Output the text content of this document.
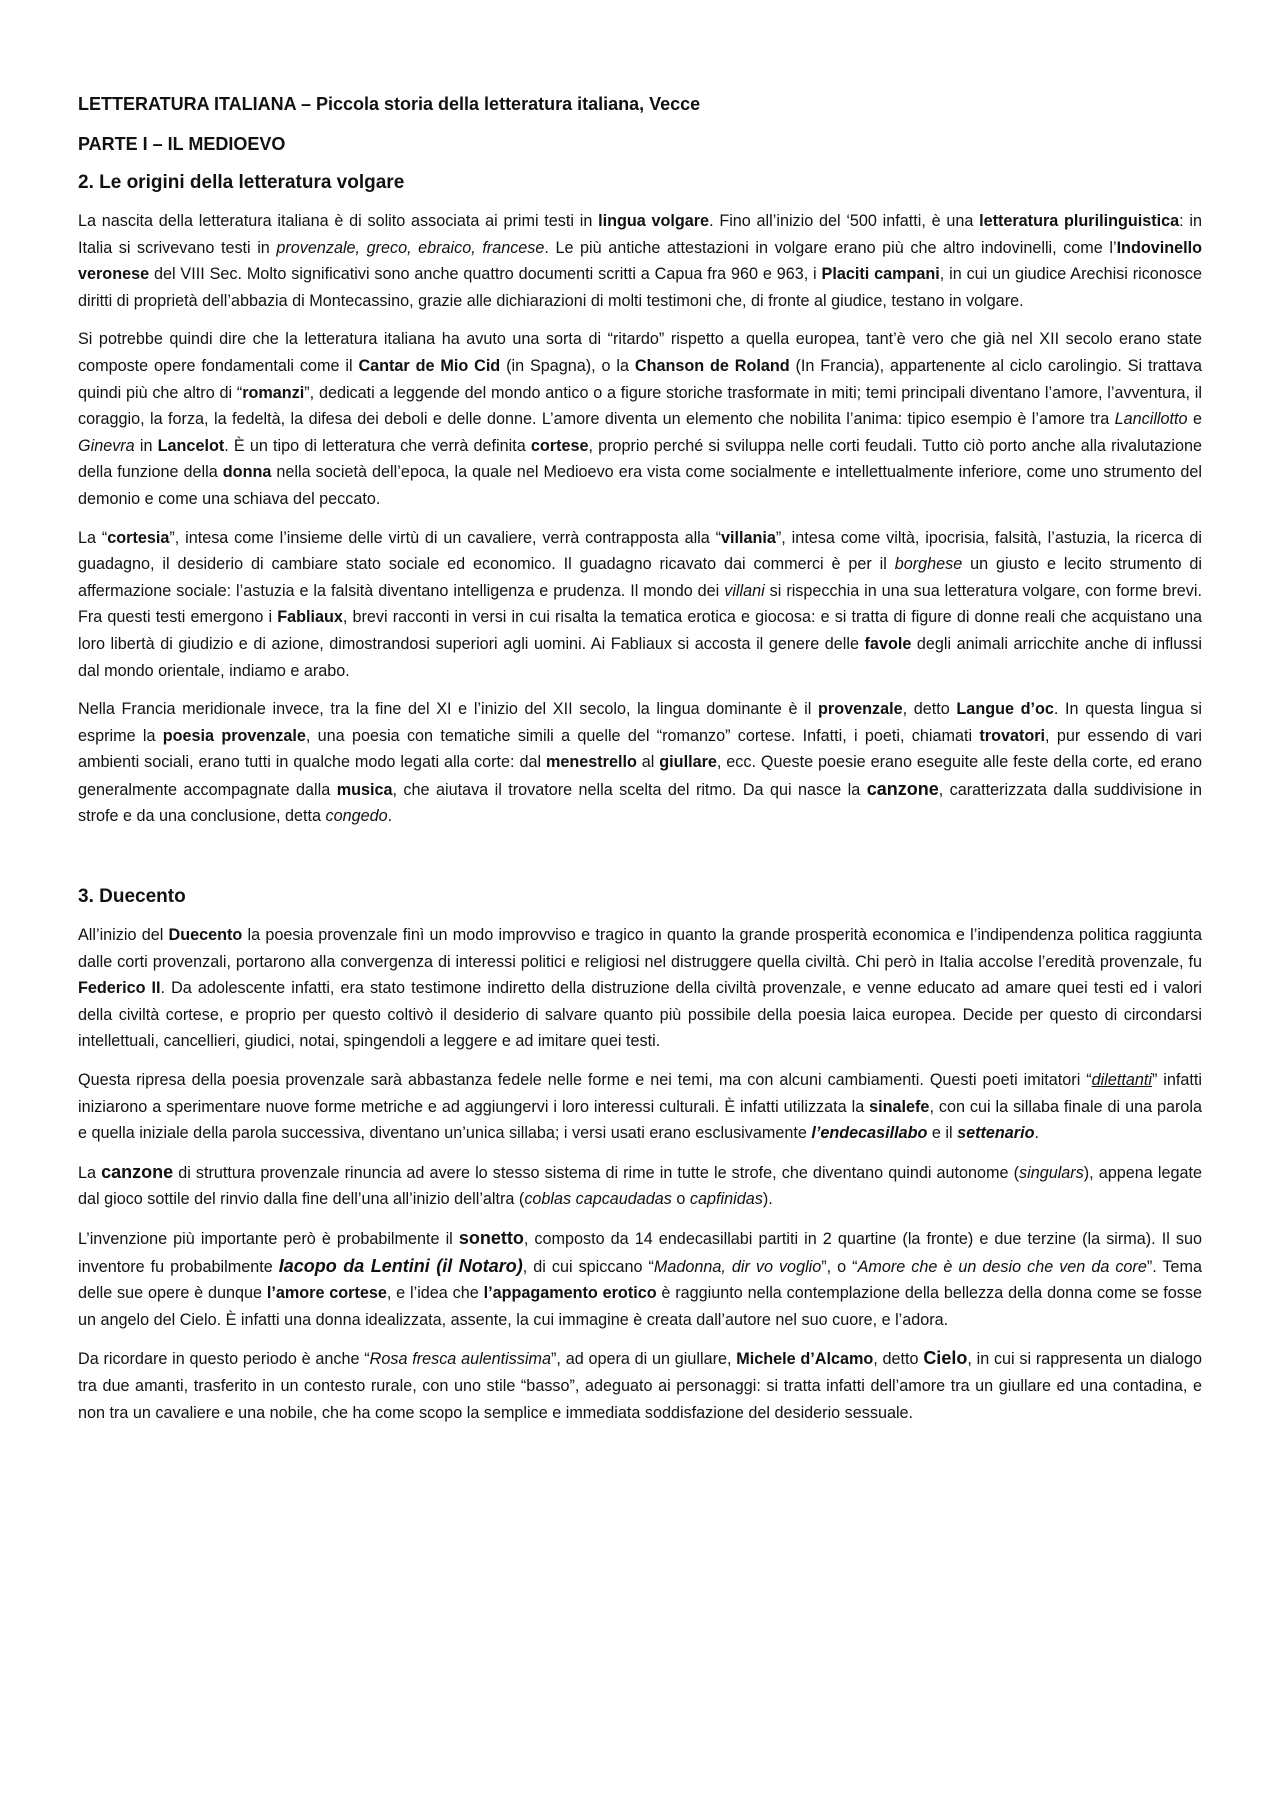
LETTERATURA ITALIANA – Piccola storia della letteratura italiana, Vecce
PARTE I – IL MEDIOEVO
2. Le origini della letteratura volgare

La nascita della letteratura italiana è di solito associata ai primi testi in lingua volgare. Fino all’inizio del ‘500 infatti, è una letteratura plurilinguistica: in Italia si scrivevano testi in provenzale, greco, ebraico, francese. Le più antiche attestazioni in volgare erano più che altro indovinelli, come l’Indovinello veronese del VIII Sec. Molto significativi sono anche quattro documenti scritti a Capua fra 960 e 963, i Placiti campani, in cui un giudice Arechisi riconosce diritti di proprietà dell’abbazia di Montecassino, grazie alle dichiarazioni di molti testimoni che, di fronte al giudice, testano in volgare.

Si potrebbe quindi dire che la letteratura italiana ha avuto una sorta di “ritardo” rispetto a quella europea, tant’è vero che già nel XII secolo erano state composte opere fondamentali come il Cantar de Mio Cid (in Spagna), o la Chanson de Roland (In Francia), appartenente al ciclo carolingio. Si trattava quindi più che altro di “romanzi”, dedicati a leggende del mondo antico o a figure storiche trasformate in miti; temi principali diventano l’amore, l’avventura, il coraggio, la forza, la fedeltà, la difesa dei deboli e delle donne. L’amore diventa un elemento che nobilita l’anima: tipico esempio è l’amore tra Lancillotto e Ginevra in Lancelot. È un tipo di letteratura che verrà definita cortese, proprio perché si sviluppa nelle corti feudali. Tutto ciò porto anche alla rivalutazione della funzione della donna nella società dell’epoca, la quale nel Medioevo era vista come socialmente e intellettualmente inferiore, come uno strumento del demonio e come una schiava del peccato.

La “cortesia”, intesa come l’insieme delle virtù di un cavaliere, verrà contrapposta alla “villania”, intesa come viltà, ipocrisia, falsità, l’astuzia, la ricerca di guadagno, il desiderio di cambiare stato sociale ed economico. Il guadagno ricavato dai commerci è per il borghese un giusto e lecito strumento di affermazione sociale: l’astuzia e la falsità diventano intelligenza e prudenza. Il mondo dei villani si rispecchia in una sua letteratura volgare, con forme brevi. Fra questi testi emergono i Fabliaux, brevi racconti in versi in cui risalta la tematica erotica e giocosa: e si tratta di figure di donne reali che acquistano una loro libertà di giudizio e di azione, dimostrandosi superiori agli uomini. Ai Fabliaux si accosta il genere delle favole degli animali arricchite anche di influssi dal mondo orientale, indiamo e arabo.

Nella Francia meridionale invece, tra la fine del XI e l’inizio del XII secolo, la lingua dominante è il provenzale, detto Langue d’oc. In questa lingua si esprime la poesia provenzale, una poesia con tematiche simili a quelle del “romanzo” cortese. Infatti, i poeti, chiamati trovatori, pur essendo di vari ambienti sociali, erano tutti in qualche modo legati alla corte: dal menestrello al giullare, ecc. Queste poesie erano eseguite alle feste della corte, ed erano generalmente accompagnate dalla musica, che aiutava il trovatore nella scelta del ritmo. Da qui nasce la canzone, caratterizzata dalla suddivisione in strofe e da una conclusione, detta congedo.

3. Duecento

All’inizio del Duecento la poesia provenzale finì un modo improvviso e tragico in quanto la grande prosperità economica e l’indipendenza politica raggiunta dalle corti provenzali, portarono alla convergenza di interessi politici e religiosi nel distruggere quella civiltà. Chi però in Italia accolse l’eredità provenzale, fu Federico II. Da adolescente infatti, era stato testimone indiretto della distruzione della civiltà provenzale, e venne educato ad amare quei testi ed i valori della civiltà cortese, e proprio per questo coltivò il desiderio di salvare quanto più possibile della poesia laica europea. Decide per questo di circondarsi intellettuali, cancellieri, giudici, notai, spingendoli a leggere e ad imitare quei testi.

Questa ripresa della poesia provenzale sarà abbastanza fedele nelle forme e nei temi, ma con alcuni cambiamenti. Questi poeti imitatori “dilettanti” infatti iniziarono a sperimentare nuove forme metriche e ad aggiungervi i loro interessi culturali. È infatti utilizzata la sinalefe, con cui la sillaba finale di una parola e quella iniziale della parola successiva, diventano un’unica sillaba; i versi usati erano esclusivamente l’endecasillabo e il settenario.

La canzone di struttura provenzale rinuncia ad avere lo stesso sistema di rime in tutte le strofe, che diventano quindi autonome (singulars), appena legate dal gioco sottile del rinvio dalla fine dell’una all’inizio dell’altra (coblas capcaudadas o capfinidas).

L’invenzione più importante però è probabilmente il sonetto, composto da 14 endecasillabi partiti in 2 quartine (la fronte) e due terzine (la sirma). Il suo inventore fu probabilmente Iacopo da Lentini (il Notaro), di cui spiccano “Madonna, dir vo voglio”, o “Amore che è un desio che ven da core”. Tema delle sue opere è dunque l’amore cortese, e l’idea che l’appagamento erotico è raggiunto nella contemplazione della bellezza della donna come se fosse un angelo del Cielo. È infatti una donna idealizzata, assente, la cui immagine è creata dall’autore nel suo cuore, e l’adora.

Da ricordare in questo periodo è anche “Rosa fresca aulentissima”, ad opera di un giullare, Michele d’Alcamo, detto Cielo, in cui si rappresenta un dialogo tra due amanti, trasferito in un contesto rurale, con uno stile “basso”, adeguato ai personaggi: si tratta infatti dell’amore tra un giullare ed una contadina, e non tra un cavaliere e una nobile, che ha come scopo la semplice e immediata soddisfazione del desiderio sessuale.
